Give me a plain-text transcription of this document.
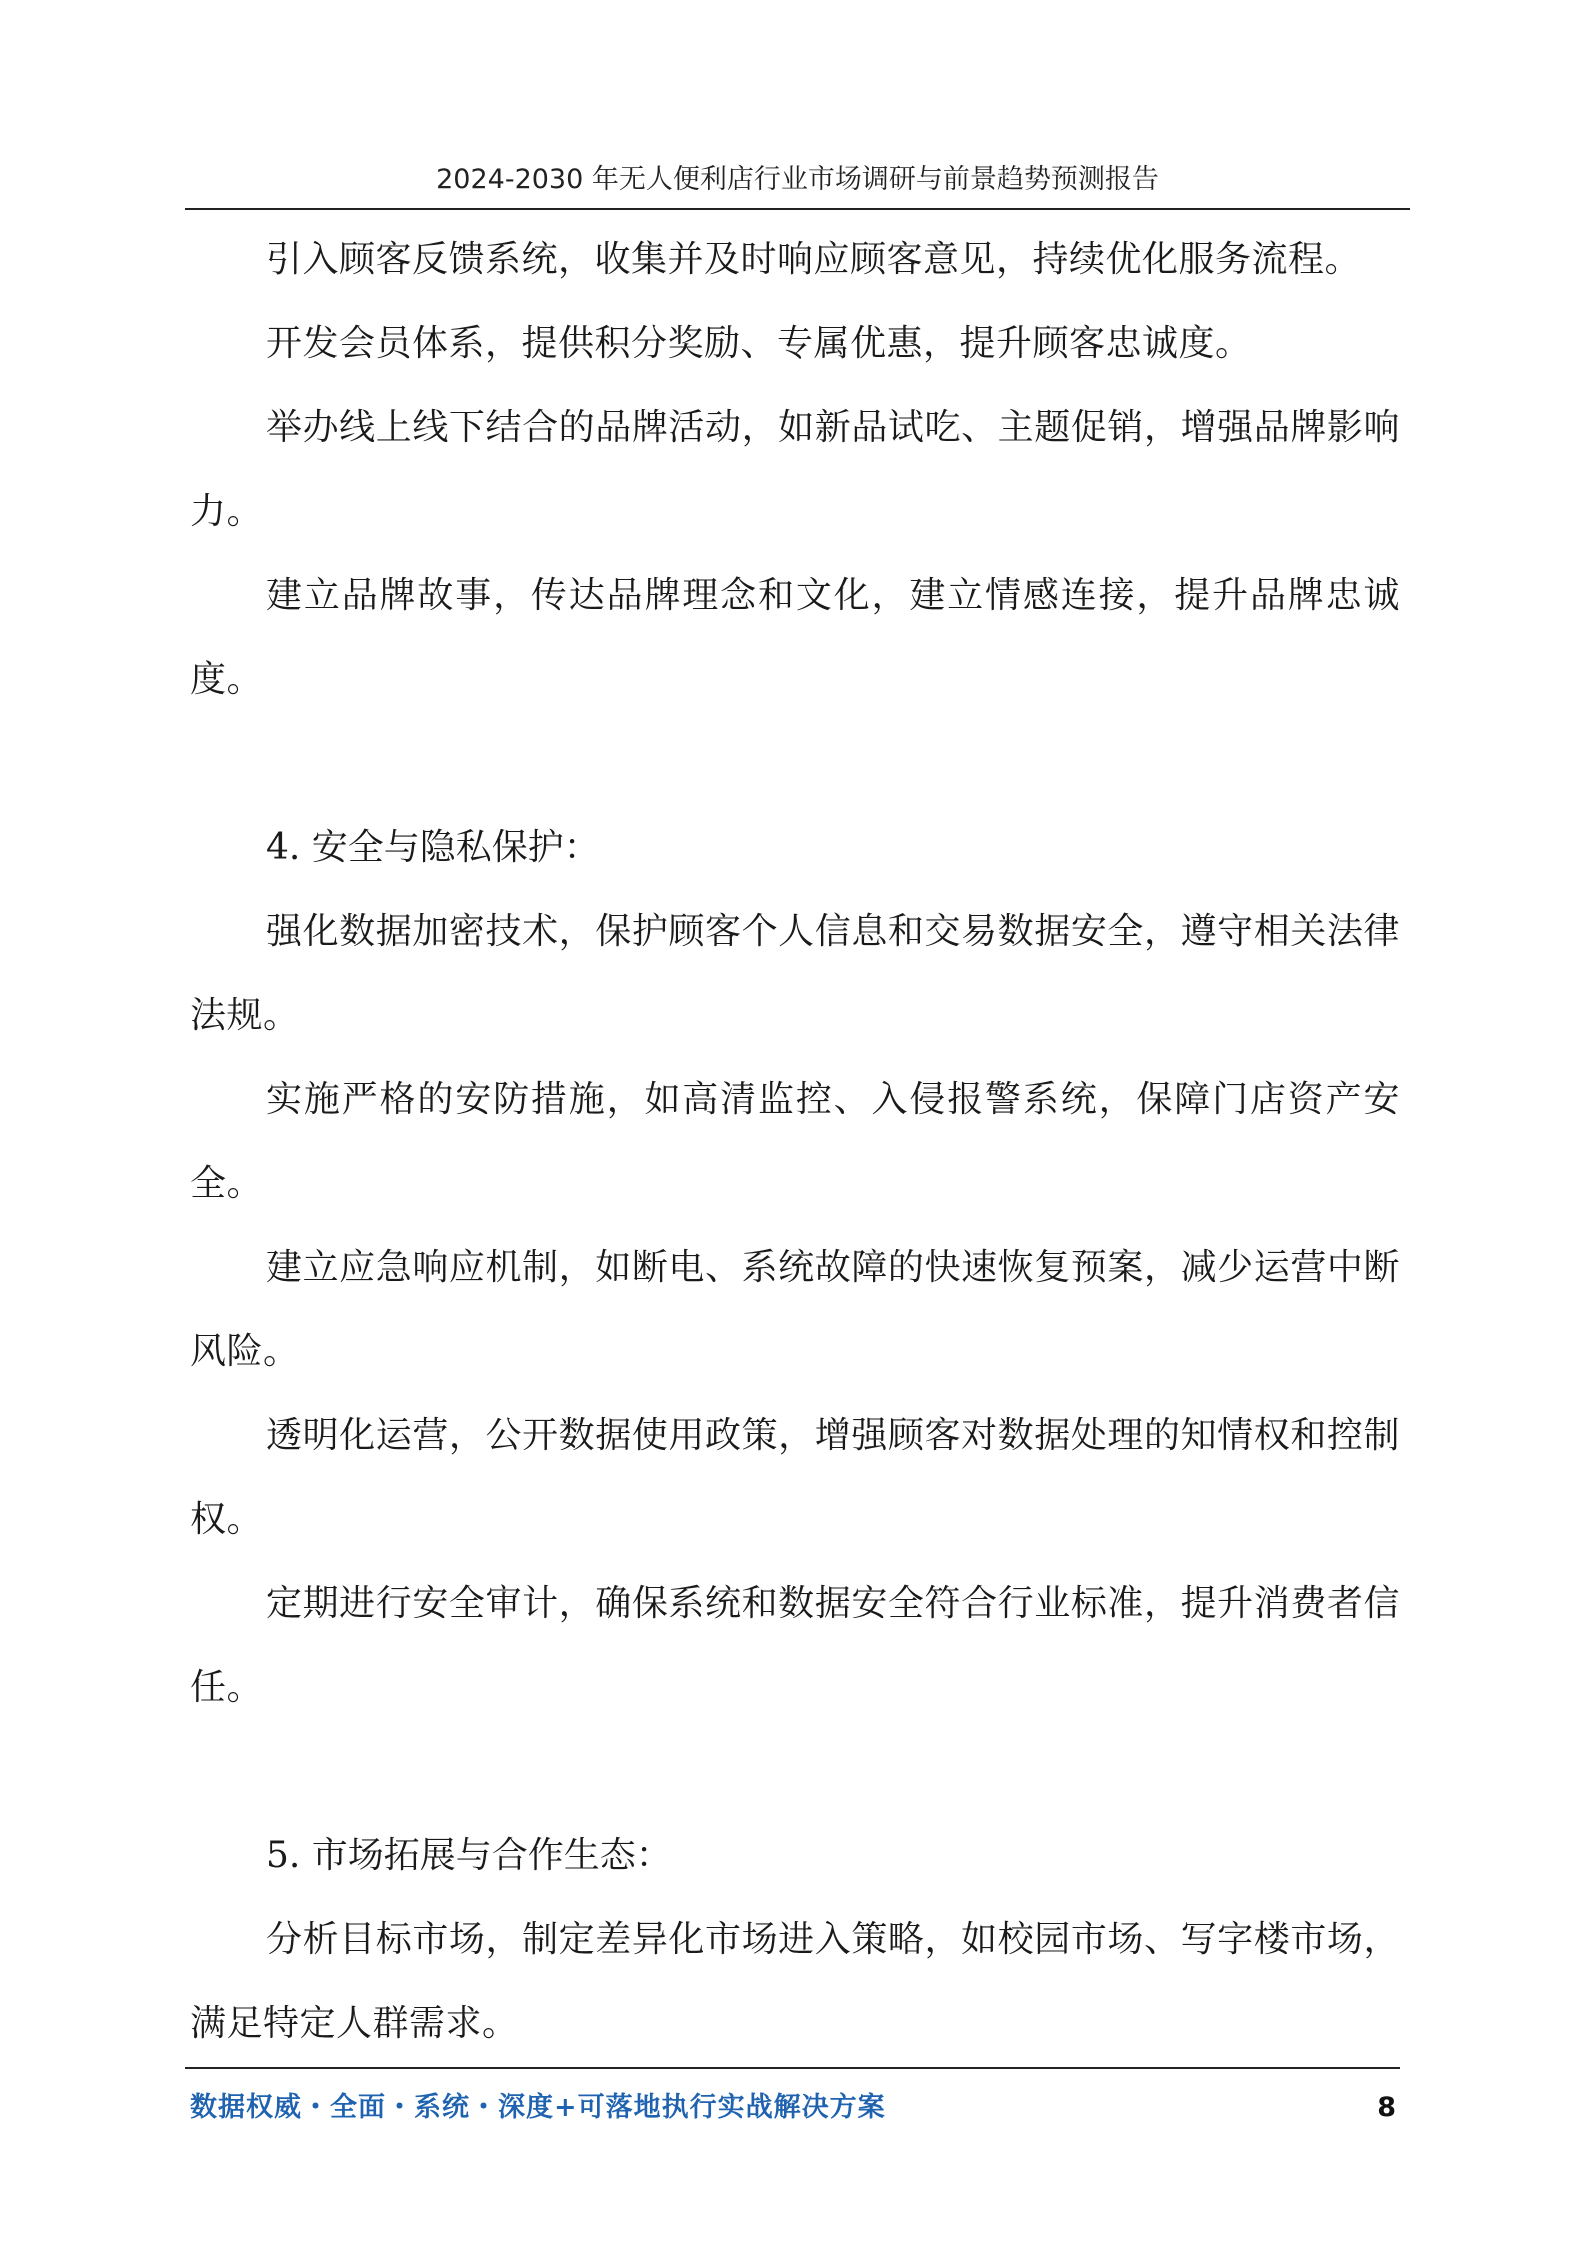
2024-2030 年无人便利店行业市场调研与前景趋势预测报告

引入顾客反馈系统，收集并及时响应顾客意见，持续优化服务流程。

开发会员体系，提供积分奖励、专属优惠，提升顾客忠诚度。

举办线上线下结合的品牌活动，如新品试吃、主题促销，增强品牌影响力。

建立品牌故事，传达品牌理念和文化，建立情感连接，提升品牌忠诚度。

4. 安全与隐私保护：

强化数据加密技术，保护顾客个人信息和交易数据安全，遵守相关法律法规。

实施严格的安防措施，如高清监控、入侵报警系统，保障门店资产安全。

建立应急响应机制，如断电、系统故障的快速恢复预案，减少运营中断风险。

透明化运营，公开数据使用政策，增强顾客对数据处理的知情权和控制权。

定期进行安全审计，确保系统和数据安全符合行业标准，提升消费者信任。

5. 市场拓展与合作生态：

分析目标市场，制定差异化市场进入策略，如校园市场、写字楼市场，满足特定人群需求。

数据权威・全面・系统・深度+可落地执行实战解决方案	8
